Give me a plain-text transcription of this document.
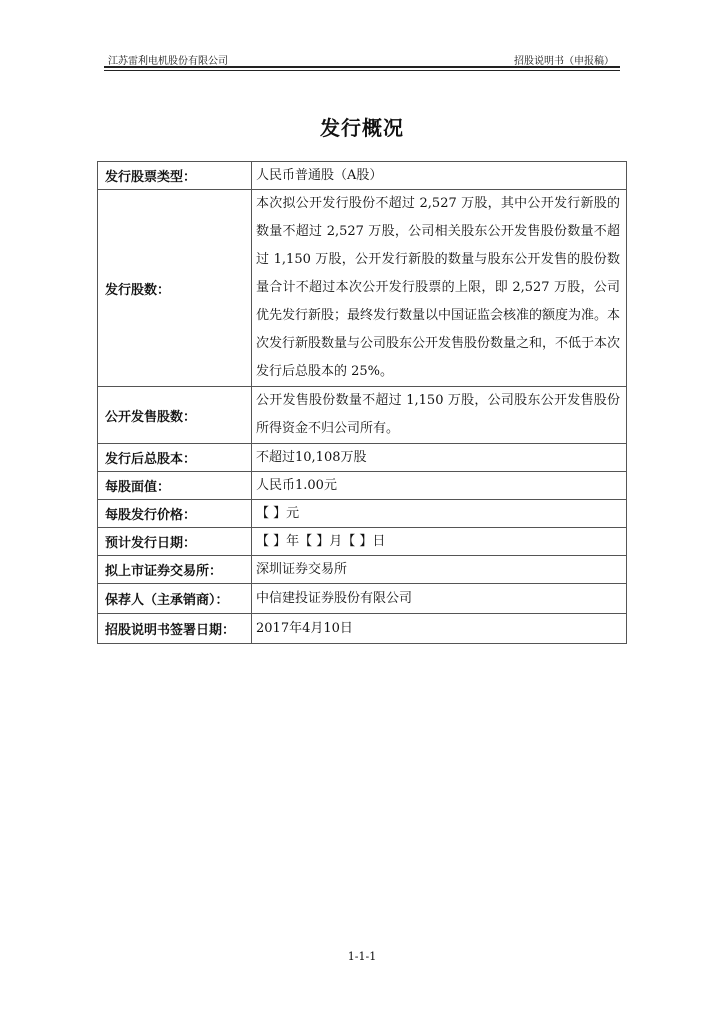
江苏雷利电机股份有限公司	招股说明书（申报稿）
发行概况
发行股票类型：	人民币普通股（A股）
发行股数：	本次拟公开发行股份不超过 2,527 万股，其中公开发行新股的数量不超过 2,527 万股，公司相关股东公开发售股份数量不超过 1,150 万股，公开发行新股的数量与股东公开发售的股份数量合计不超过本次公开发行股票的上限，即 2,527 万股，公司优先发行新股；最终发行数量以中国证监会核准的额度为准。本次发行新股数量与公司股东公开发售股份数量之和，不低于本次发行后总股本的 25%。
公开发售股数：	公开发售股份数量不超过 1,150 万股，公司股东公开发售股份所得资金不归公司所有。
发行后总股本：	不超过10,108万股
每股面值：	人民币1.00元
每股发行价格：	【 】元
预计发行日期：	【 】年【 】月【 】日
拟上市证券交易所：	深圳证券交易所
保荐人（主承销商）：	中信建投证券股份有限公司
招股说明书签署日期：	2017年4月10日
1-1-1
